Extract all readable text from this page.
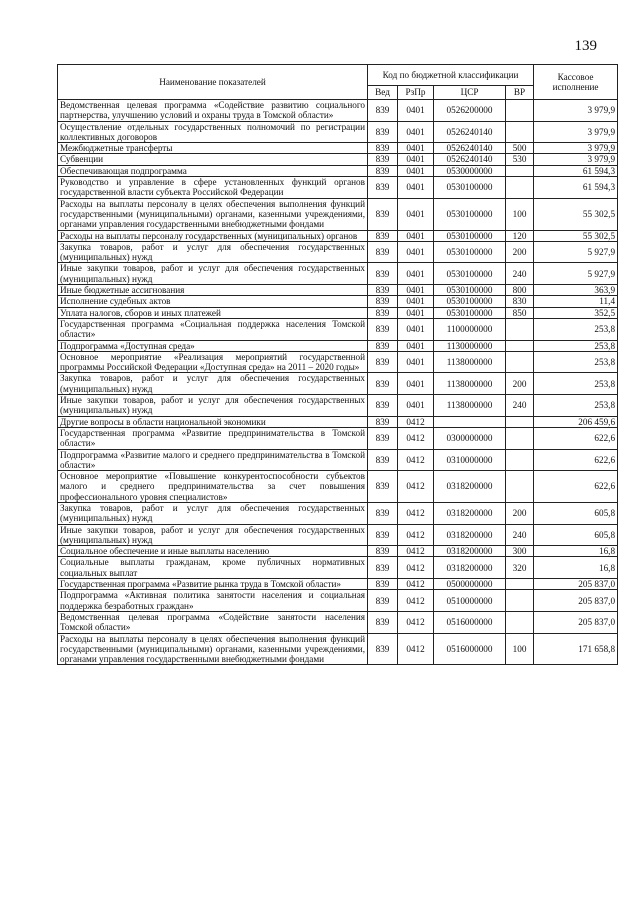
139
Наименование показателей	Код по бюджетной классификации				Кассовое исполнение
	Вед	РзПр	ЦСР	ВР	
Ведомственная целевая программа «Содействие развитию социального партнерства, улучшению условий и охраны труда в Томской области»	839	0401	0526200000		3 979,9
Осуществление отдельных государственных полномочий по регистрации коллективных договоров	839	0401	0526240140		3 979,9
Межбюджетные трансферты	839	0401	0526240140	500	3 979,9
Субвенции	839	0401	0526240140	530	3 979,9
Обеспечивающая подпрограмма	839	0401	0530000000		61 594,3
Руководство и управление в сфере установленных функций органов государственной власти субъекта Российской Федерации	839	0401	0530100000		61 594,3
Расходы на выплаты персоналу в целях обеспечения выполнения функций государственными (муниципальными) органами, казенными учреждениями, органами управления государственными внебюджетными фондами	839	0401	0530100000	100	55 302,5
Расходы на выплаты персоналу государственных (муниципальных) органов	839	0401	0530100000	120	55 302,5
Закупка товаров, работ и услуг для обеспечения государственных (муниципальных) нужд	839	0401	0530100000	200	5 927,9
Иные закупки товаров, работ и услуг для обеспечения государственных (муниципальных) нужд	839	0401	0530100000	240	5 927,9
Иные бюджетные ассигнования	839	0401	0530100000	800	363,9
Исполнение судебных актов	839	0401	0530100000	830	11,4
Уплата налогов, сборов и иных платежей	839	0401	0530100000	850	352,5
Государственная программа «Социальная поддержка населения Томской области»	839	0401	1100000000		253,8
Подпрограмма «Доступная среда»	839	0401	1130000000		253,8
Основное мероприятие «Реализация мероприятий государственной программы Российской Федерации «Доступная среда» на 2011 – 2020 годы»	839	0401	1138000000		253,8
Закупка товаров, работ и услуг для обеспечения государственных (муниципальных) нужд	839	0401	1138000000	200	253,8
Иные закупки товаров, работ и услуг для обеспечения государственных (муниципальных) нужд	839	0401	1138000000	240	253,8
Другие вопросы в области национальной экономики	839	0412			206 459,6
Государственная программа «Развитие предпринимательства в Томской области»	839	0412	0300000000		622,6
Подпрограмма «Развитие малого и среднего предпринимательства в Томской области»	839	0412	0310000000		622,6
Основное мероприятие «Повышение конкурентоспособности субъектов малого и среднего предпринимательства за счет повышения профессионального уровня специалистов»	839	0412	0318200000		622,6
Закупка товаров, работ и услуг для обеспечения государственных (муниципальных) нужд	839	0412	0318200000	200	605,8
Иные закупки товаров, работ и услуг для обеспечения государственных (муниципальных) нужд	839	0412	0318200000	240	605,8
Социальное обеспечение и иные выплаты населению	839	0412	0318200000	300	16,8
Социальные выплаты гражданам, кроме публичных нормативных социальных выплат	839	0412	0318200000	320	16,8
Государственная программа «Развитие рынка труда в Томской области»	839	0412	0500000000		205 837,0
Подпрограмма «Активная политика занятости населения и социальная поддержка безработных граждан»	839	0412	0510000000		205 837,0
Ведомственная целевая программа «Содействие занятости населения Томской области»	839	0412	0516000000		205 837,0
Расходы на выплаты персоналу в целях обеспечения выполнения функций государственными (муниципальными) органами, казенными учреждениями, органами управления государственными внебюджетными фондами	839	0412	0516000000	100	171 658,8
